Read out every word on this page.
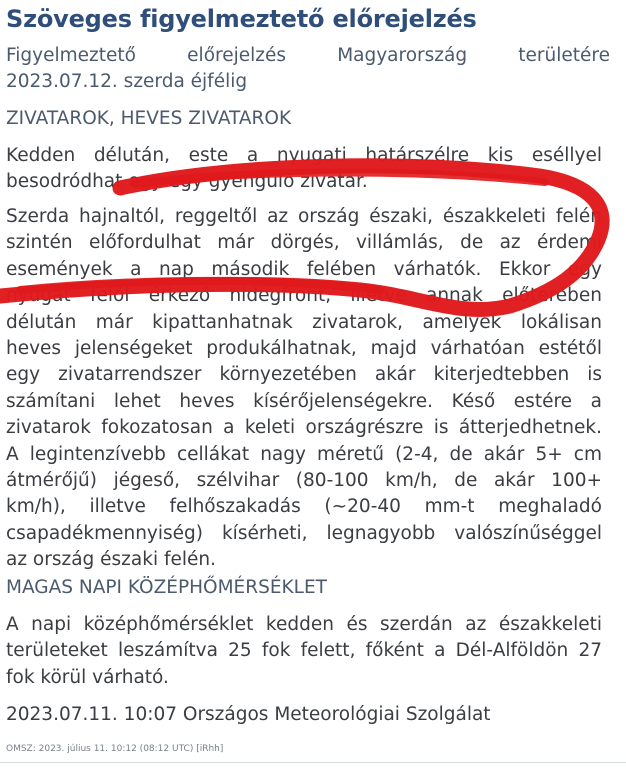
Szöveges figyelmeztető előrejelzés
Figyelmeztető	előrejelzés	Magyarország	területére
2023.07.12. szerda éjfélig
ZIVATAROK, HEVES ZIVATAROK
Kedden délután, este a nyugati határszélre kis eséllyel
besodródhat egy-egy gyengülő zivatar.
Szerda hajnaltól, reggeltől az ország északi, északkeleti felén
szintén előfordulhat már dörgés, villámlás, de az érdemi
események a nap második felében várhatók. Ekkor egy
nyugat felől érkező hidegfront, illetve annak előterében
délután már kipattanhatnak zivatarok, amelyek lokálisan
heves jelenségeket produkálhatnak, majd várhatóan estétől
egy zivatarrendszer környezetében akár kiterjedtebben is
számítani lehet heves kísérőjelenségekre. Késő estére a
zivatarok fokozatosan a keleti országrészre is átterjedhetnek.
A legintenzívebb cellákat nagy méretű (2-4, de akár 5+ cm
átmérőjű) jégeső, szélvihar (80-100 km/h, de akár 100+
km/h), illetve felhőszakadás (~20-40 mm-t meghaladó
csapadékmennyiség) kísérheti, legnagyobb valószínűséggel
az ország északi felén.
MAGAS NAPI KÖZÉPHŐMÉRSÉKLET
A napi középhőmérséklet kedden és szerdán az északkeleti
területeket leszámítva 25 fok felett, főként a Dél-Alföldön 27
fok körül várható.
2023.07.11. 10:07 Országos Meteorológiai Szolgálat
OMSZ: 2023. július 11. 10:12 (08:12 UTC) [iRhh]
